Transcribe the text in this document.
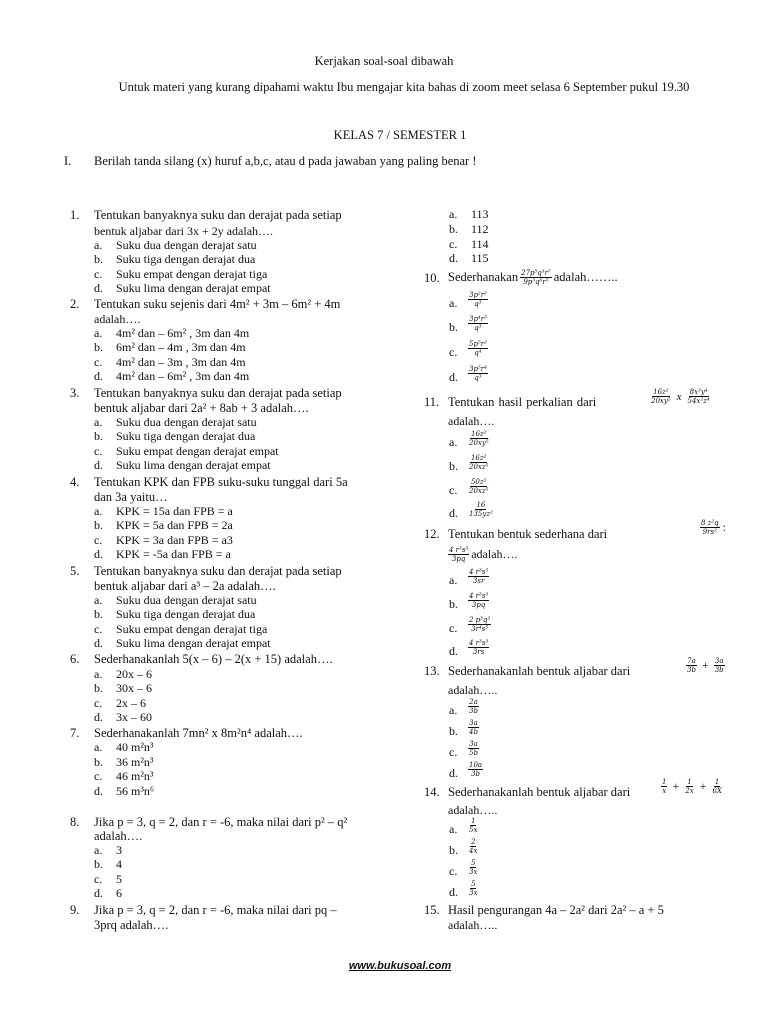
Kerjakan soal-soal dibawah
Untuk materi yang kurang dipahami waktu Ibu mengajar kita bahas di zoom meet selasa 6 September pukul 19.30
KELAS 7 / SEMESTER 1
I. Berilah tanda silang (x) huruf a,b,c, atau d pada jawaban yang paling benar !
1. Tentukan banyaknya suku dan derajat pada setiap
bentuk aljabar dari 3x + 2y adalah….
a. Suku dua dengan derajat satu
b. Suku tiga dengan derajat dua
c. Suku empat dengan derajat tiga
d. Suku lima dengan derajat empat
2. Tentukan suku sejenis dari 4m² + 3m – 6m² + 4m
adalah….
a. 4m² dan – 6m² , 3m dan 4m
b. 6m² dan – 4m , 3m dan 4m
c. 4m² dan – 3m , 3m dan 4m
d. 4m² dan – 6m² , 3m dan 4m
3. Tentukan banyaknya suku dan derajat pada setiap
bentuk aljabar dari 2a² + 8ab + 3 adalah….
a. Suku dua dengan derajat satu
b. Suku tiga dengan derajat dua
c. Suku empat dengan derajat empat
d. Suku lima dengan derajat empat
4. Tentukan KPK dan FPB suku-suku tunggal dari 5a
dan 3a yaitu…
a. KPK = 15a dan FPB = a
b. KPK = 5a dan FPB = 2a
c. KPK = 3a dan FPB = a3
d. KPK = -5a dan FPB = a
5. Tentukan banyaknya suku dan derajat pada setiap
bentuk aljabar dari a³ – 2a adalah….
a. Suku dua dengan derajat satu
b. Suku tiga dengan derajat dua
c. Suku empat dengan derajat tiga
d. Suku lima dengan derajat empat
6. Sederhanakanlah 5(x – 6) – 2(x + 15) adalah….
a. 20x – 6
b. 30x – 6
c. 2x – 6
d. 3x – 60
7. Sederhanakanlah 7mn² x 8m²n⁴ adalah….
a. 40 m²n³
b. 36 m²n³
c. 46 m²n³
d. 56 m³n⁶
8. Jika p = 3, q = 2, dan r = -6, maka nilai dari p² – q²
adalah….
a. 3
b. 4
c. 5
d. 6
9. Jika p = 3, q = 2, dan r = -6, maka nilai dari pq –
3prq adalah….
a. 113
b. 112
c. 114
d. 115
10. Sederhanakan $\frac{\text{27p⁵q³r⁷}}{\text{9p³q⁶r⁵}}$ adalah……..
a. $\frac{\text{3p²r²}}{\text{q³}}$
b. $\frac{\text{3p⁴r⁵}}{\text{q³}}$
c. $\frac{\text{5p⁵r²}}{\text{q⁴}}$
d. $\frac{\text{3p⁵r⁴}}{\text{q³}}$
11. Tentukan hasil perkalian dari	$\frac{\text{16z²}}{\text{20xy⁵}}$ x $\frac{\text{8x³y⁴}}{\text{54x²z⁴}}$
adalah….
a. $\frac{\text{16z²}}{\text{20xy⁵}}$
b. $\frac{\text{16z²}}{\text{20xz⁵}}$
c. $\frac{\text{50z⁵}}{\text{20xz⁵}}$
d. $\frac{16}{\text{135yz²}}$
12. Tentukan bentuk sederhana dari	$\frac{\text{8 z²q}}{\text{9rs²}}$ :
$\frac{\text{4 r³s³}}{3pq}$ adalah….
a. $\frac{\text{4 r³s⁵}}{3sr}$
b. $\frac{\text{4 r³s³}}{3pq}$
c. $\frac{\text{2 p³q²}}{\text{3r⁴s⁵}}$
d. $\frac{\text{4 r³s³}}{3rs}$
13. Sederhanakanlah bentuk aljabar dari	$\frac{7a}{3b} + \frac{3a}{3b}$
adalah…..
a. $\frac{2a}{3b}$
b. $\frac{3a}{4b}$
c. $\frac{3a}{5b}$
d. $\frac{10a}{3b}$
14. Sederhanakanlah bentuk aljabar dari	$\frac{1}{x} + \frac{1}{2x} + \frac{1}{6X}$
adalah…..
a. $\frac{1}{5x}$
b. $\frac{2}{4x}$
c. $\frac{5}{3x}$
d. $\frac{5}{3x}$
15. Hasil pengurangan 4a – 2a² dari 2a² – a + 5
adalah…..
www.bukusoal.com
